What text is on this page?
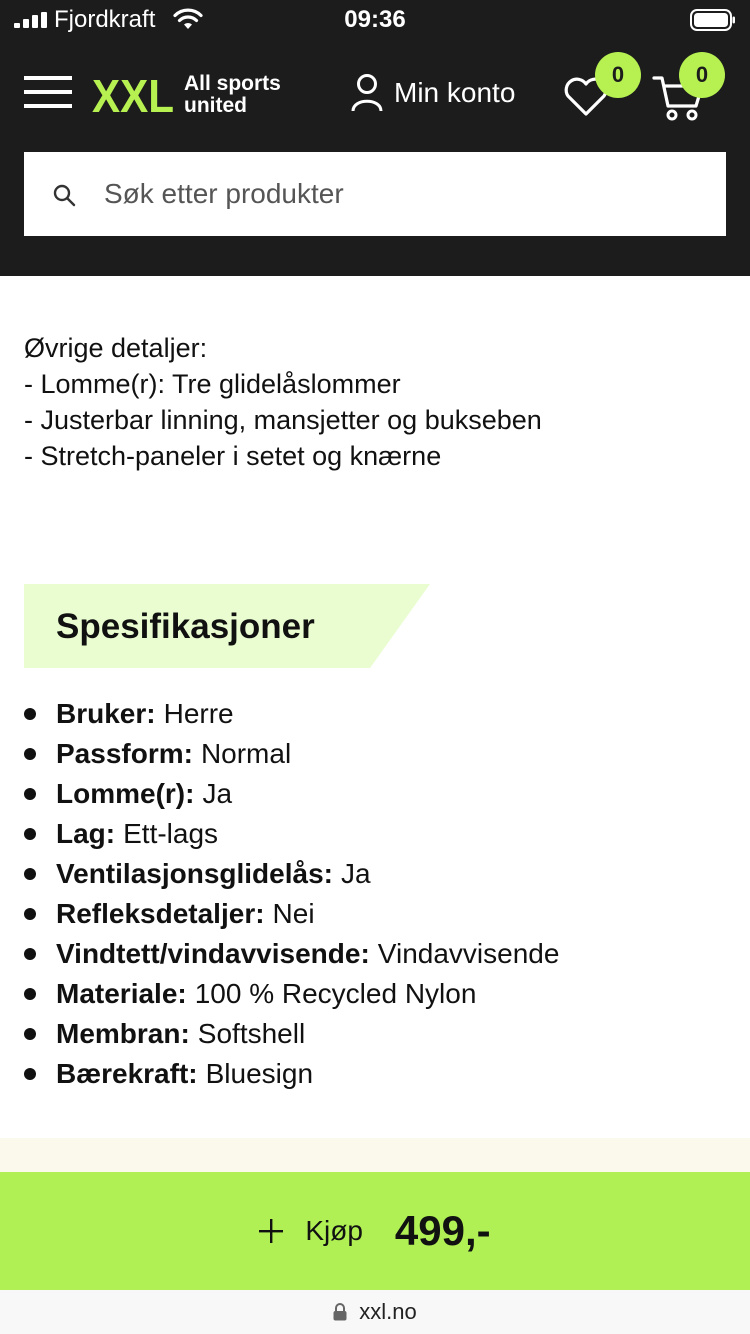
Fjordkraft	09:36
XXL All sports
united	Min konto
0	0
Søk etter produkter

Øvrige detaljer:

- Lomme(r): Tre glidelåslommer

- Justerbar linning, mansjetter og bukseben

- Stretch-paneler i setet og knærne

Spesifikasjoner
Bruker: Herre
Passform: Normal
Lomme(r): Ja
Lag: Ett-lags
Ventilasjonsglidelås: Ja
Refleksdetaljer: Nei
Vindtett/vindavvisende: Vindavvisende
Materiale: 100 % Recycled Nylon
Membran: Softshell
Bærekraft: Bluesign
Kjøp 499,-
xxl.no
